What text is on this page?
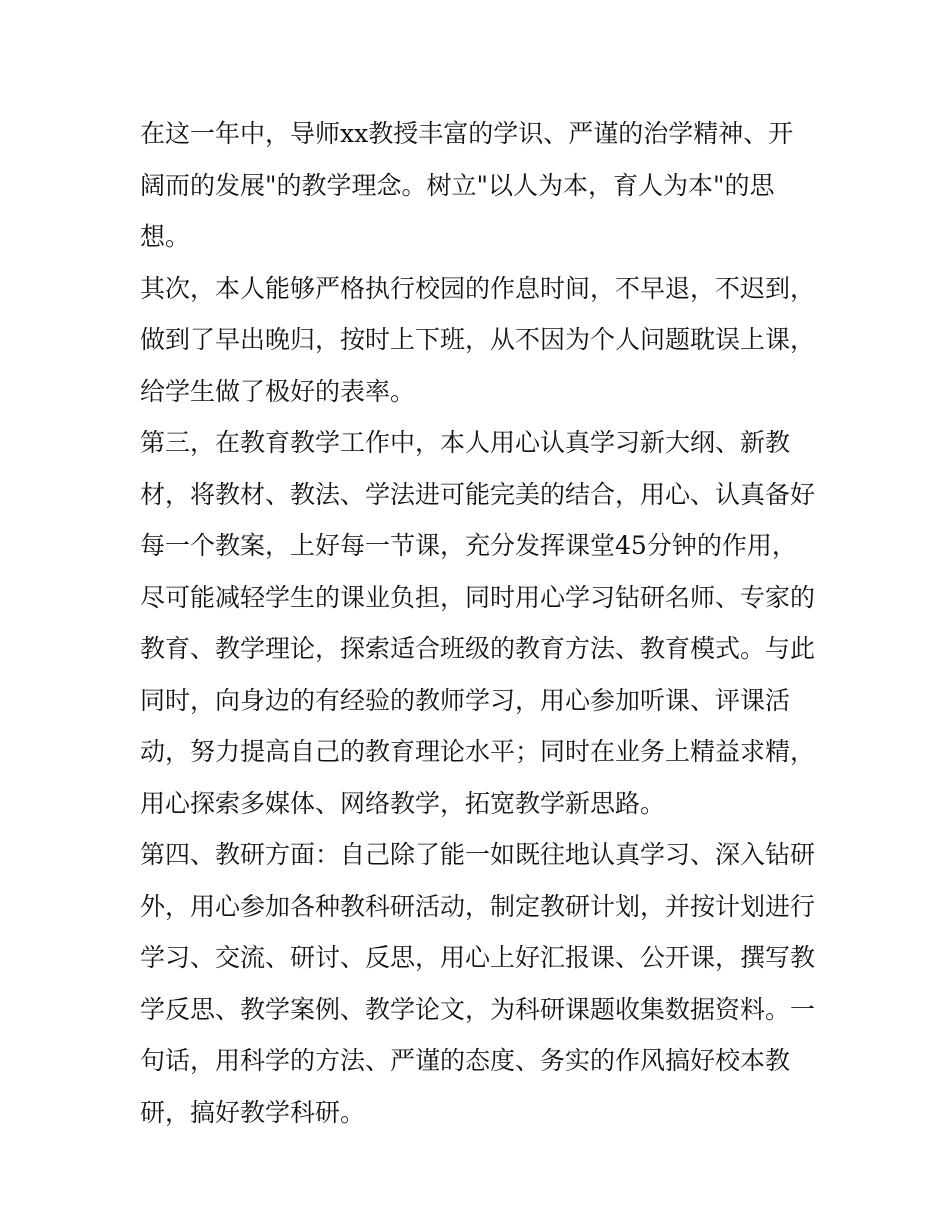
在这一年中，导师xx教授丰富的学识、严谨的治学精神、开
阔而的发展"的教学理念。树立"以人为本，育人为本"的思
想。

其次，本人能够严格执行校园的作息时间，不早退，不迟到，
做到了早出晚归，按时上下班，从不因为个人问题耽误上课，
给学生做了极好的表率。

第三，在教育教学工作中，本人用心认真学习新大纲、新教
材，将教材、教法、学法进可能完美的结合，用心、认真备好
每一个教案，上好每一节课，充分发挥课堂45分钟的作用，
尽可能减轻学生的课业负担，同时用心学习钻研名师、专家的
教育、教学理论，探索适合班级的教育方法、教育模式。与此
同时，向身边的有经验的教师学习，用心参加听课、评课活
动，努力提高自己的教育理论水平；同时在业务上精益求精，
用心探索多媒体、网络教学，拓宽教学新思路。

第四、教研方面：自己除了能一如既往地认真学习、深入钻研
外，用心参加各种教科研活动，制定教研计划，并按计划进行
学习、交流、研讨、反思，用心上好汇报课、公开课，撰写教
学反思、教学案例、教学论文，为科研课题收集数据资料。一
句话，用科学的方法、严谨的态度、务实的作风搞好校本教
研，搞好教学科研。
